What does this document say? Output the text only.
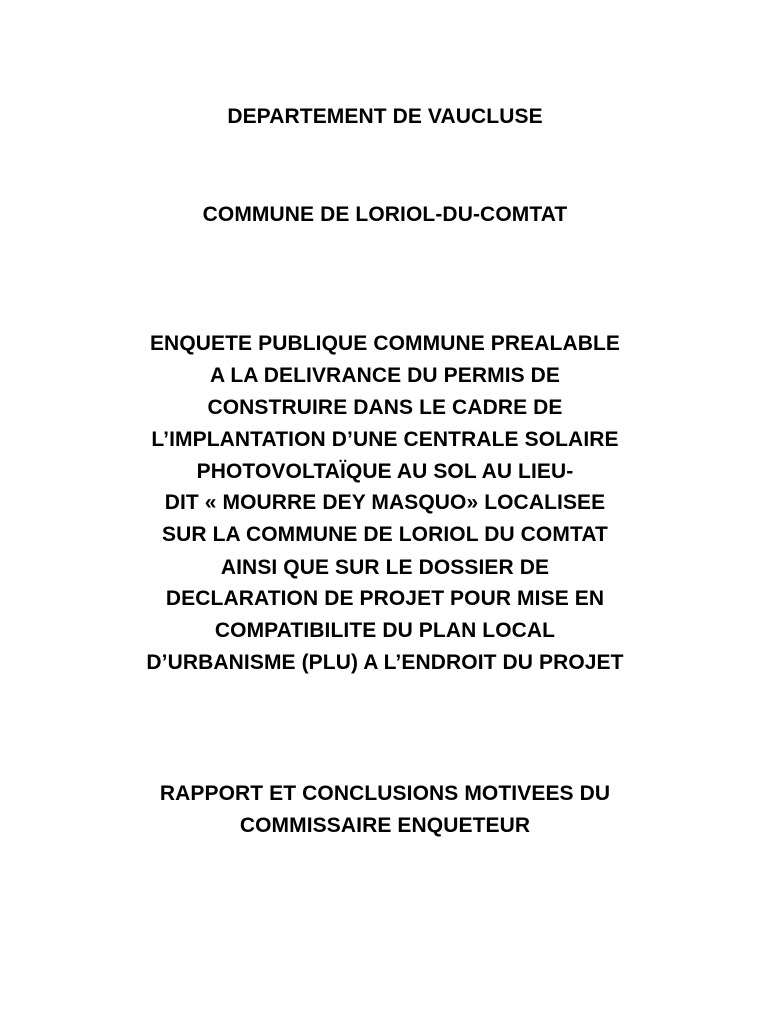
DEPARTEMENT DE VAUCLUSE
COMMUNE DE LORIOL-DU-COMTAT
ENQUETE PUBLIQUE COMMUNE PREALABLE
A LA DELIVRANCE DU PERMIS DE
CONSTRUIRE DANS LE CADRE DE
L’IMPLANTATION D’UNE CENTRALE SOLAIRE
PHOTOVOLTAÏQUE AU SOL AU LIEU-
DIT « MOURRE DEY MASQUO» LOCALISEE
SUR LA COMMUNE DE LORIOL DU COMTAT
AINSI QUE SUR LE DOSSIER DE
DECLARATION DE PROJET POUR MISE EN
COMPATIBILITE DU PLAN LOCAL
D’URBANISME (PLU) A L’ENDROIT DU PROJET
RAPPORT ET CONCLUSIONS MOTIVEES DU
COMMISSAIRE ENQUETEUR
